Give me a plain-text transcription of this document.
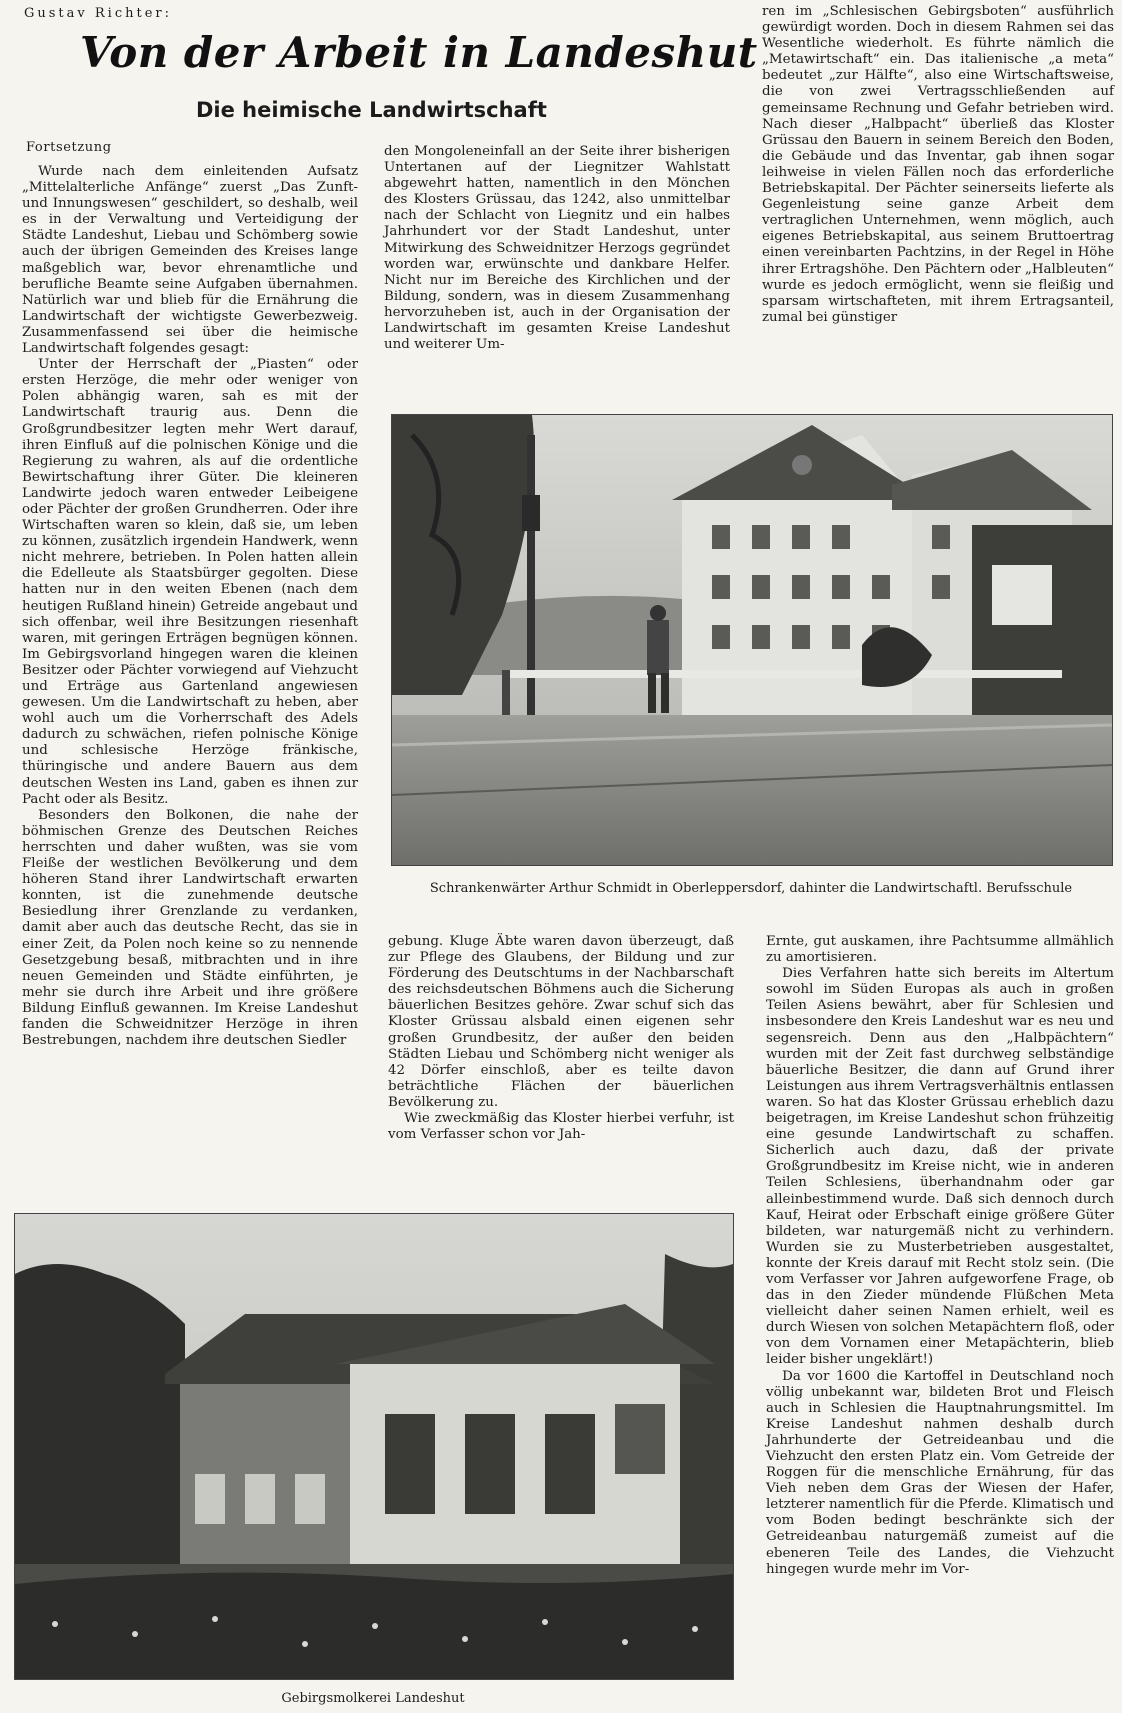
Gustav Richter:
Von der Arbeit in Landeshut
Die heimische Landwirtschaft
Fortsetzung

Wurde nach dem einleitenden Aufsatz „Mittelalterliche Anfänge“ zuerst „Das Zunft- und Innungswesen“ geschildert, so deshalb, weil es in der Verwaltung und Verteidigung der Städte Landeshut, Liebau und Schömberg sowie auch der übrigen Gemeinden des Kreises lange maßgeblich war, bevor ehrenamtliche und berufliche Beamte seine Aufgaben übernahmen. Natürlich war und blieb für die Ernährung die Landwirtschaft der wichtigste Gewerbezweig. Zusammenfassend sei über die heimische Landwirtschaft folgendes gesagt:

Unter der Herrschaft der „Piasten“ oder ersten Herzöge, die mehr oder weniger von Polen abhängig waren, sah es mit der Landwirtschaft traurig aus. Denn die Großgrundbesitzer legten mehr Wert darauf, ihren Einfluß auf die polnischen Könige und die Regierung zu wahren, als auf die ordentliche Bewirtschaftung ihrer Güter. Die kleineren Landwirte jedoch waren entweder Leibeigene oder Pächter der großen Grundherren. Oder ihre Wirtschaften waren so klein, daß sie, um leben zu können, zusätzlich irgendein Handwerk, wenn nicht mehrere, betrieben. In Polen hatten allein die Edelleute als Staatsbürger gegolten. Diese hatten nur in den weiten Ebenen (nach dem heutigen Rußland hinein) Getreide angebaut und sich offenbar, weil ihre Besitzungen riesenhaft waren, mit geringen Erträgen begnügen können. Im Gebirgsvorland hingegen waren die kleinen Besitzer oder Pächter vorwiegend auf Viehzucht und Erträge aus Gartenland angewiesen gewesen. Um die Landwirtschaft zu heben, aber wohl auch um die Vorherrschaft des Adels dadurch zu schwächen, riefen polnische Könige und schlesische Herzöge fränkische, thüringische und andere Bauern aus dem deutschen Westen ins Land, gaben es ihnen zur Pacht oder als Besitz.

Besonders den Bolkonen, die nahe der böhmischen Grenze des Deutschen Reiches herrschten und daher wußten, was sie vom Fleiße der westlichen Bevölkerung und dem höheren Stand ihrer Landwirtschaft erwarten konnten, ist die zunehmende deutsche Besiedlung ihrer Grenzlande zu verdanken, damit aber auch das deutsche Recht, das sie in einer Zeit, da Polen noch keine so zu nennende Gesetzgebung besaß, mitbrachten und in ihre neuen Gemeinden und Städte einführten, je mehr sie durch ihre Arbeit und ihre größere Bildung Einfluß gewannen. Im Kreise Landeshut fanden die Schweidnitzer Herzöge in ihren Bestrebungen, nachdem ihre deutschen Siedler

den Mongoleneinfall an der Seite ihrer bisherigen Untertanen auf der Liegnitzer Wahlstatt abgewehrt hatten, namentlich in den Mönchen des Klosters Grüssau, das 1242, also unmittelbar nach der Schlacht von Liegnitz und ein halbes Jahrhundert vor der Stadt Landeshut, unter Mitwirkung des Schweidnitzer Herzogs gegründet worden war, erwünschte und dankbare Helfer. Nicht nur im Bereiche des Kirchlichen und der Bildung, sondern, was in diesem Zusammenhang hervorzuheben ist, auch in der Organisation der Landwirtschaft im gesamten Kreise Landeshut und weiterer Um-

ren im „Schlesischen Gebirgsboten“ ausführlich gewürdigt worden. Doch in diesem Rahmen sei das Wesentliche wiederholt. Es führte nämlich die „Metawirtschaft“ ein. Das italienische „a meta“ bedeutet „zur Hälfte“, also eine Wirtschaftsweise, die von zwei Vertragsschließenden auf gemeinsame Rechnung und Gefahr betrieben wird. Nach dieser „Halbpacht“ überließ das Kloster Grüssau den Bauern in seinem Bereich den Boden, die Gebäude und das Inventar, gab ihnen sogar leihweise in vielen Fällen noch das erforderliche Betriebskapital. Der Pächter seinerseits lieferte als Gegenleistung seine ganze Arbeit dem vertraglichen Unternehmen, wenn möglich, auch eigenes Betriebskapital, aus seinem Bruttoertrag einen vereinbarten Pachtzins, in der Regel in Höhe ihrer Ertragshöhe. Den Pächtern oder „Halbleuten“ wurde es jedoch ermöglicht, wenn sie fleißig und sparsam wirtschafteten, mit ihrem Ertragsanteil, zumal bei günstiger

Schrankenwärter Arthur Schmidt in Oberleppersdorf, dahinter die Landwirtschaftl. Berufsschule

gebung. Kluge Äbte waren davon überzeugt, daß zur Pflege des Glaubens, der Bildung und zur Förderung des Deutschtums in der Nachbarschaft des reichsdeutschen Böhmens auch die Sicherung bäuerlichen Besitzes gehöre. Zwar schuf sich das Kloster Grüssau alsbald einen eigenen sehr großen Grundbesitz, der außer den beiden Städten Liebau und Schömberg nicht weniger als 42 Dörfer einschloß, aber es teilte davon beträchtliche Flächen der bäuerlichen Bevölkerung zu.

Wie zweckmäßig das Kloster hierbei verfuhr, ist vom Verfasser schon vor Jah-

Ernte, gut auskamen, ihre Pachtsumme allmählich zu amortisieren.

Dies Verfahren hatte sich bereits im Altertum sowohl im Süden Europas als auch in großen Teilen Asiens bewährt, aber für Schlesien und insbesondere den Kreis Landeshut war es neu und segensreich. Denn aus den „Halbpächtern“ wurden mit der Zeit fast durchweg selbständige bäuerliche Besitzer, die dann auf Grund ihrer Leistungen aus ihrem Vertragsverhältnis entlassen waren. So hat das Kloster Grüssau erheblich dazu beigetragen, im Kreise Landeshut schon frühzeitig eine gesunde Landwirtschaft zu schaffen. Sicherlich auch dazu, daß der private Großgrundbesitz im Kreise nicht, wie in anderen Teilen Schlesiens, überhandnahm oder gar alleinbestimmend wurde. Daß sich dennoch durch Kauf, Heirat oder Erbschaft einige größere Güter bildeten, war naturgemäß nicht zu verhindern. Wurden sie zu Musterbetrieben ausgestaltet, konnte der Kreis darauf mit Recht stolz sein. (Die vom Verfasser vor Jahren aufgeworfene Frage, ob das in den Zieder mündende Flüßchen Meta vielleicht daher seinen Namen erhielt, weil es durch Wiesen von solchen Metapächtern floß, oder von dem Vornamen einer Metapächterin, blieb leider bisher ungeklärt!)

Da vor 1600 die Kartoffel in Deutschland noch völlig unbekannt war, bildeten Brot und Fleisch auch in Schlesien die Hauptnahrungsmittel. Im Kreise Landeshut nahmen deshalb durch Jahrhunderte der Getreideanbau und die Viehzucht den ersten Platz ein. Vom Getreide der Roggen für die menschliche Ernährung, für das Vieh neben dem Gras der Wiesen der Hafer, letzterer namentlich für die Pferde. Klimatisch und vom Boden bedingt beschränkte sich der Getreideanbau naturgemäß zumeist auf die ebeneren Teile des Landes, die Viehzucht hingegen wurde mehr im Vor-

Gebirgsmolkerei Landeshut
